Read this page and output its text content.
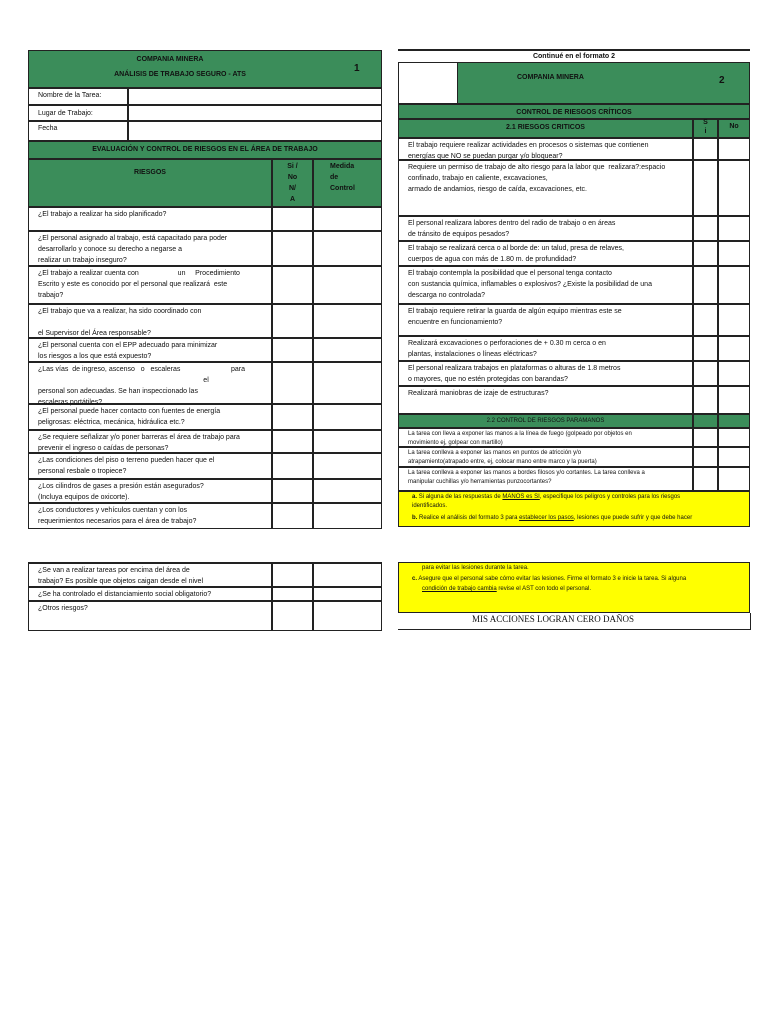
COMPANIA MINERA
ANÁLISIS DE TRABAJO SEGURO - ATS
1
Nombre de la Tarea:
Lugar de Trabajo:
Fecha
EVALUACIÓN Y CONTROL DE RIESGOS EN EL ÁREA DE TRABAJO
RIESGOS
Si /
No
N/
A
Medida
de
Control
¿El trabajo a realizar ha sido planificado?
¿El personal asignado al trabajo, está capacitado para poder
desarrollarlo y conoce su derecho a negarse a
realizar un trabajo inseguro?
¿El trabajo a realizar cuenta con                    un     Procedimiento
Escrito y este es conocido por el personal que realizará  este
trabajo?
¿El trabajo que va a realizar, ha sido coordinado con

el Supervisor del Área responsable?
¿El personal cuenta con el EPP adecuado para minimizar
los riesgos a los que está expuesto?
¿Las vías  de ingreso, ascenso   o   escaleras                          para
el
personal son adecuadas. Se han inspeccionado las
escaleras portátiles?
¿El personal puede hacer contacto con fuentes de energía
peligrosas: eléctrica, mecánica, hidráulica etc.?
¿Se requiere señalizar y/o poner barreras el área de trabajo para
prevenir el ingreso o caídas de personas?
¿Las condiciones del piso o terreno pueden hacer que el
personal resbale o tropiece?
¿Los cilindros de gases a presión están asegurados?
(Incluya equipos de oxicorte).
¿Los conductores y vehículos cuentan y con los
requerimientos necesarios para el área de trabajo?
¿Se van a realizar tareas por encima del área de
trabajo? Es posible que objetos caigan desde el nivel
¿Se ha controlado el distanciamiento social obligatorio?
¿Otros riesgos?
Continué en el formato 2
COMPANIA MINERA	2
CONTROL DE RIESGOS CRÍTICOS
2.1 RIESGOS CRITICOS
S
i
No
El trabajo requiere realizar actividades en procesos o sistemas que contienen
energías que NO se puedan purgar y/o bloquear?
Requiere un permiso de trabajo de alto riesgo para la labor que  realizara?:espacio
confinado, trabajo en caliente, excavaciones,
armado de andamios, riesgo de caída, excavaciones, etc.
El personal realizara labores dentro del radio de trabajo o en áreas
de tránsito de equipos pesados?
El trabajo se realizará cerca o al borde de: un talud, presa de relaves,
cuerpos de agua con más de 1.80 m. de profundidad?
El trabajo contempla la posibilidad que el personal tenga contacto
con sustancia química, inflamables o explosivos? ¿Existe la posibilidad de una
descarga no controlada?
El trabajo requiere retirar la guarda de algún equipo mientras este se
encuentre en funcionamiento?
Realizará excavaciones o perforaciones de + 0.30 m cerca o en
plantas, instalaciones o líneas eléctricas?
El personal realizara trabajos en plataformas o alturas de 1.8 metros
o mayores, que no estén protegidas con barandas?
Realizará maniobras de izaje de estructuras?
2.2 CONTROL DE RIESGOS PARAMANOS
La tarea con lleva a exponer las manos a la línea de fuego (golpeado por objetos en
movimiento ej, golpear con martillo)
La tarea conlleva a exponer las manos en puntos de atricción y/o
atrapamiento(atrapado entre, ej, colocar mano entre marco y la puerta)
La tarea conlleva a exponer las manos a bordes filosos y/o cortantes. La tarea conlleva a
manipular cuchillas y/o herramientas punzocortantes?
a. Si alguna de las respuestas de MANOS es SI, especifique los peligros y controles para los riesgos
identificados.
b. Realice el análisis del formato 3 para establecer los pasos, lesiones que puede sufrir y que debe hacer
para evitar las lesiones durante la tarea.
c. Asegure que el personal sabe cómo evitar las lesiones. Firme el formato 3 e inicie la tarea. Si alguna
condición de trabajo cambia revise el AST con todo el personal.
MIS ACCIONES LOGRAN CERO DAÑOS
